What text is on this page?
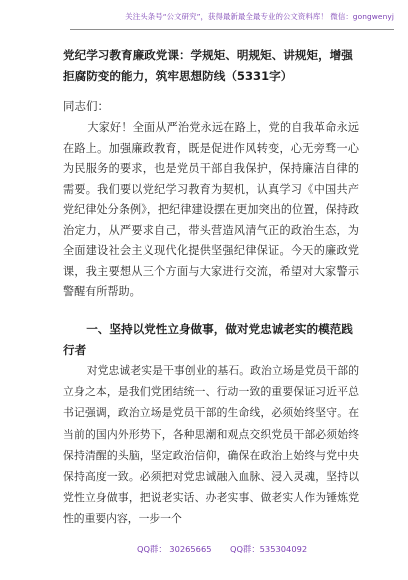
关注头条号“公文研究”，获得最新最全最专业的公文资料库！ 微信：gongwenyj
党纪学习教育廉政党课：学规矩、明规矩、讲规矩，增强拒腐防变的能力，筑牢思想防线（5331字）
同志们：
大家好！全面从严治党永远在路上，党的自我革命永远在路上。加强廉政教育，既是促进作风转变，心无旁骛一心为民服务的要求，也是党员干部自我保护，保持廉洁自律的需要。我们要以党纪学习教育为契机，认真学习《中国共产党纪律处分条例》，把纪律建设摆在更加突出的位置，保持政治定力，从严要求自己，带头营造风清气正的政治生态，为全面建设社会主义现代化提供坚强纪律保证。今天的廉政党课，我主要想从三个方面与大家进行交流，希望对大家警示警醒有所帮助。
一、坚持以党性立身做事，做对党忠诚老实的模范践行者
对党忠诚老实是干事创业的基石。政治立场是党员干部的立身之本，是我们党团结统一、行动一致的重要保证习近平总书记强调，政治立场是党员干部的生命线，必须始终坚守。在当前的国内外形势下，各种思潮和观点交织党员干部必须始终保持清醒的头脑，坚定政治信仰，确保在政治上始终与党中央保持高度一致。必须把对党忠诚融入血脉、浸入灵魂，坚持以党性立身做事，把说老实话、办老实事、做老实人作为锤炼党性的重要内容，一步一个
QQ群： 30265665 QQ群：535304092
